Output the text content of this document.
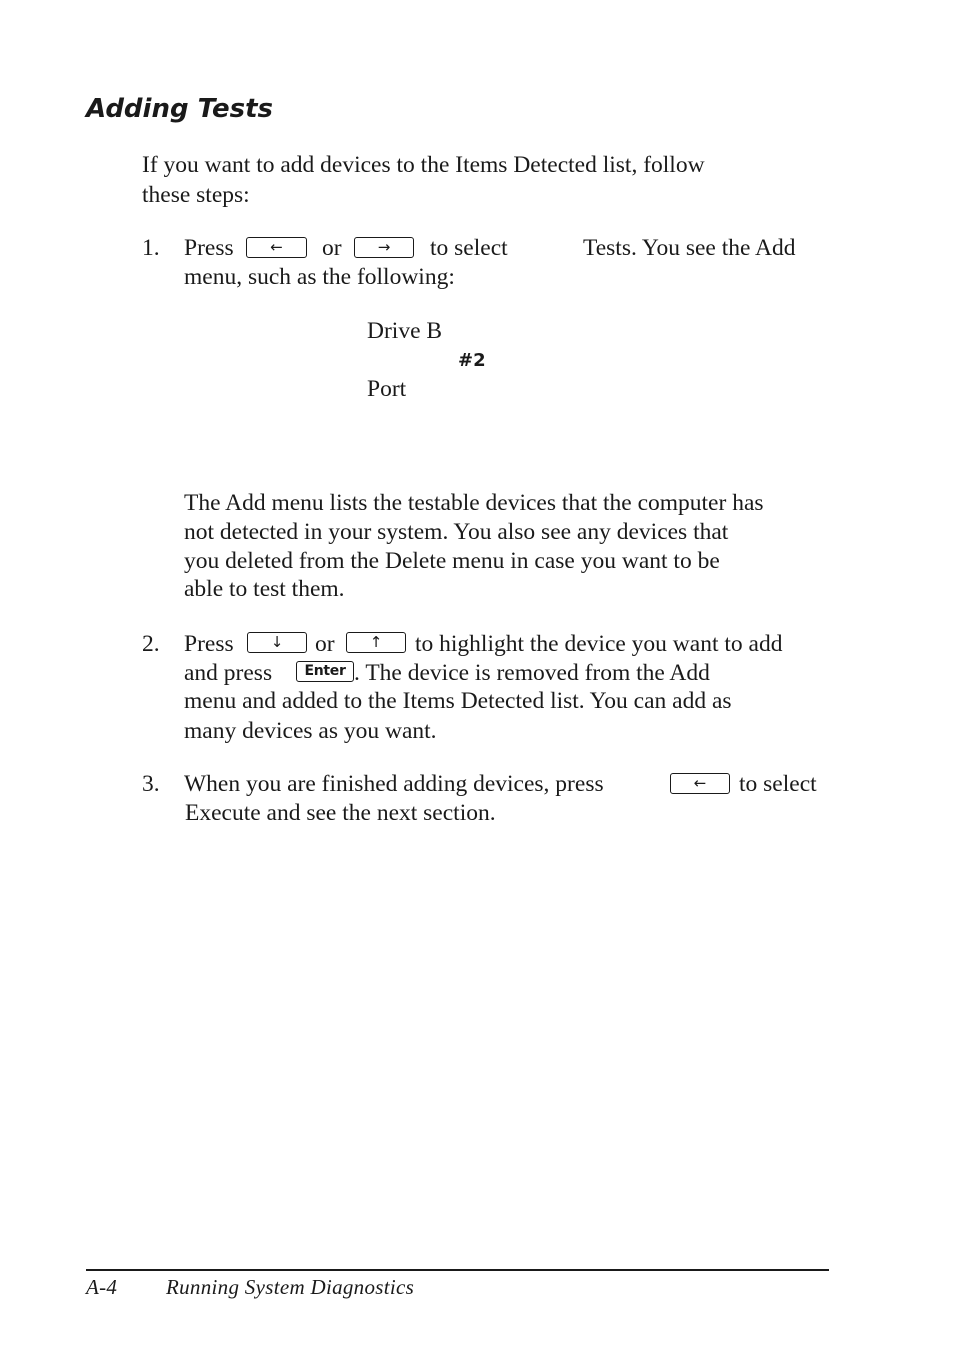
Adding Tests
If you want to add devices to the Items Detected list, follow
these steps:
1. Press	←	or	→	to select	Tests. You see the Add
menu, such as the following:
Drive B
#2
Port
The Add menu lists the testable devices that the computer has
not detected in your system. You also see any devices that
you deleted from the Delete menu in case you want to be
able to test them.
2. Press	↓	or	↑	to highlight the device you want to add
and press	Enter . The device is removed from the Add
menu and added to the Items Detected list. You can add as
many devices as you want.
3. When you are finished adding devices, press	←	to select
Execute and see the next section.
A-4 Running System Diagnostics
